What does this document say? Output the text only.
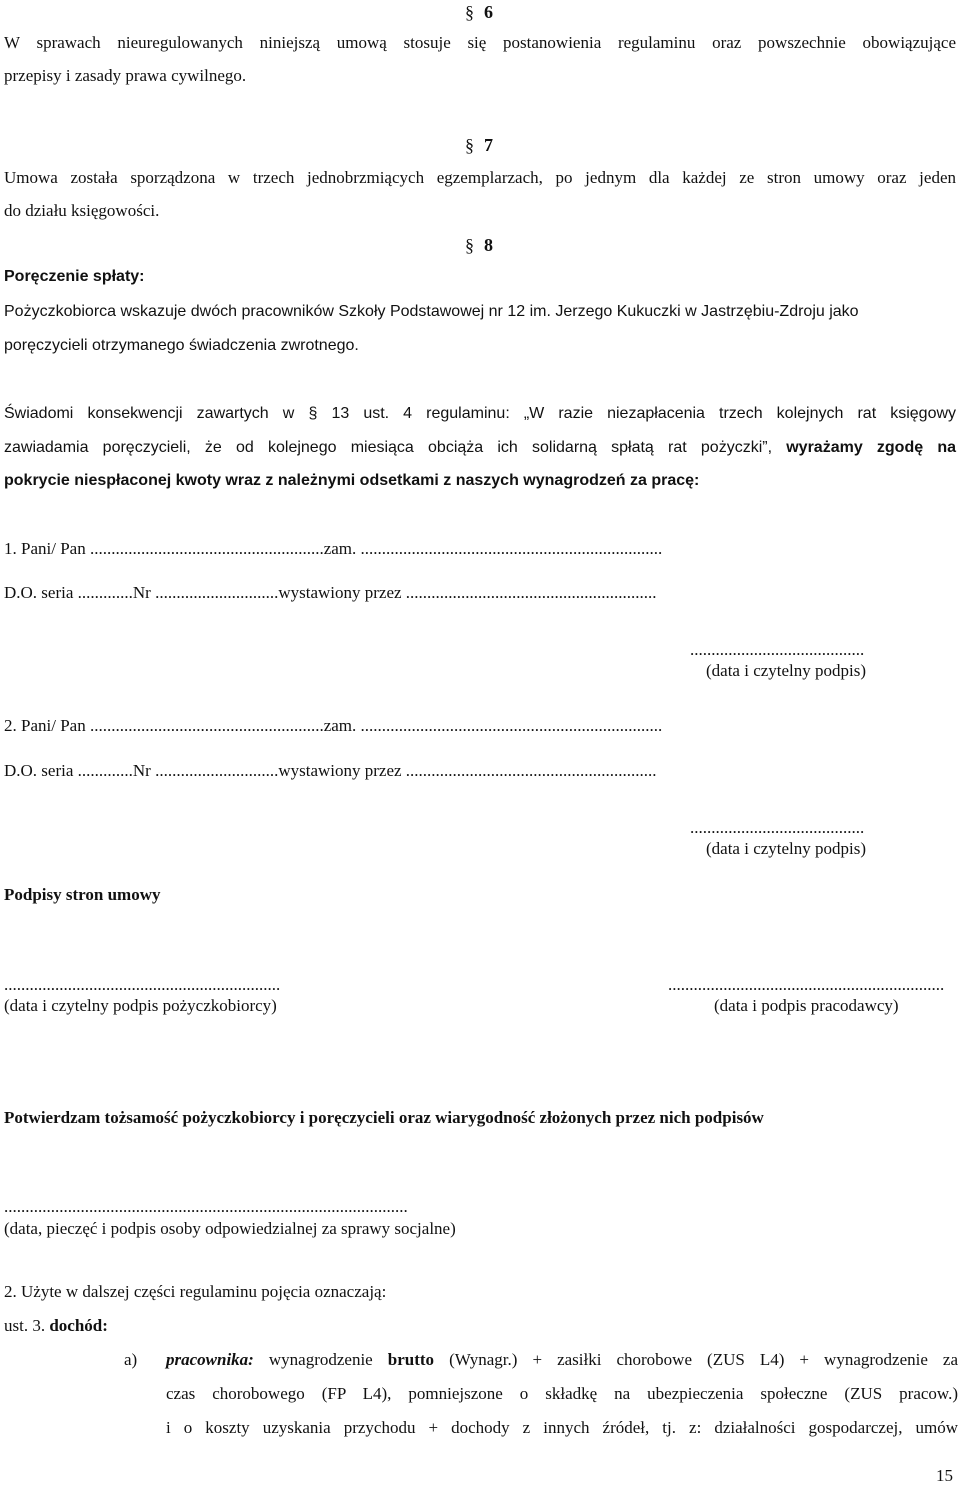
§ 6
W sprawach nieuregulowanych niniejszą umową stosuje się postanowienia regulaminu oraz powszechnie obowiązujące
przepisy i zasady prawa cywilnego.
§ 7
Umowa została sporządzona w trzech jednobrzmiących egzemplarzach, po jednym dla każdej ze stron umowy oraz jeden
do działu księgowości.
§ 8
Poręczenie spłaty:
Pożyczkobiorca wskazuje dwóch pracowników Szkoły Podstawowej nr 12 im. Jerzego Kukuczki w Jastrzębiu-Zdroju jako
poręczycieli otrzymanego świadczenia zwrotnego.
Świadomi konsekwencji zawartych w § 13 ust. 4 regulaminu: „W razie niezapłacenia trzech kolejnych rat księgowy
zawiadamia poręczycieli, że od kolejnego miesiąca obciąża ich solidarną spłatą rat pożyczki”, wyrażamy zgodę na
pokrycie niespłaconej kwoty wraz z należnymi odsetkami z naszych wynagrodzeń za pracę:
1. Pani/ Pan .......................................................zam. .......................................................................
D.O. seria .............Nr .............................wystawiony przez ...........................................................
.........................................
(data i czytelny podpis)
2. Pani/ Pan .......................................................zam. .......................................................................
D.O. seria .............Nr .............................wystawiony przez ...........................................................
.........................................
(data i czytelny podpis)
Podpisy stron umowy
.................................................................
(data i czytelny podpis pożyczkobiorcy)
.................................................................
(data i podpis pracodawcy)
Potwierdzam tożsamość pożyczkobiorcy i poręczycieli oraz wiarygodność złożonych przez nich podpisów
...............................................................................................
(data, pieczęć i podpis osoby odpowiedzialnej za sprawy socjalne)
2. Użyte w dalszej części regulaminu pojęcia oznaczają:
ust. 3. dochód:
a) pracownika: wynagrodzenie brutto (Wynagr.) + zasiłki chorobowe (ZUS L4) + wynagrodzenie za
czas chorobowego (FP L4), pomniejszone o składkę na ubezpieczenia społeczne (ZUS pracow.)
i o koszty uzyskania przychodu + dochody z innych źródeł, tj. z: działalności gospodarczej, umów
15
